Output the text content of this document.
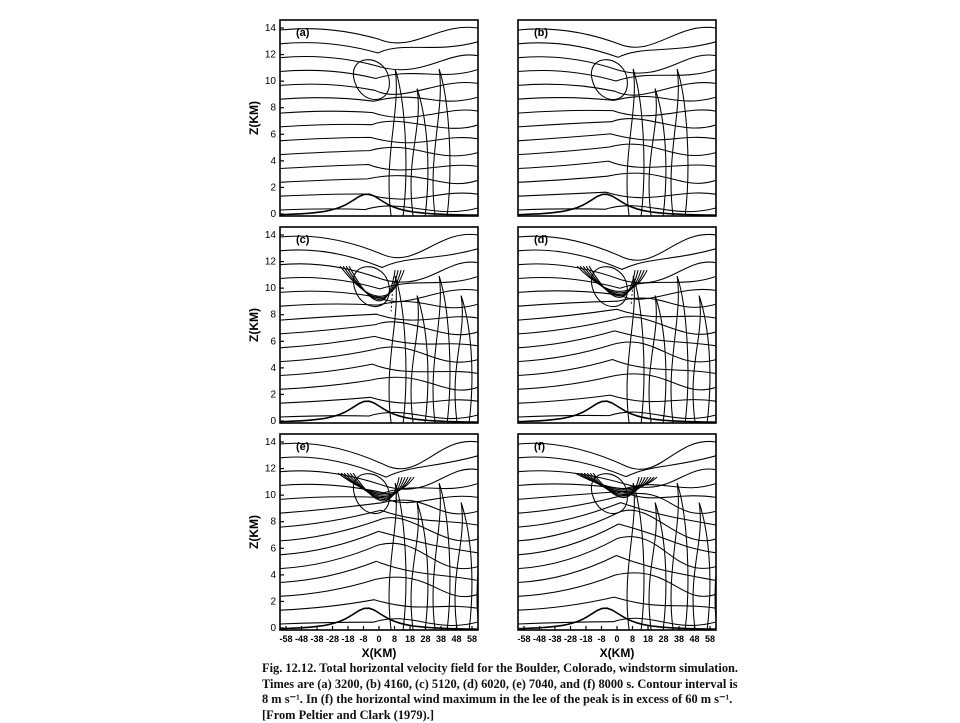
(a)
0
2
4
6
8
10
12
14
Z(KM)
(b)
(c)
0
2
4
6
8
10
12
14
Z(KM)
(d)
(e)
0
2
4
6
8
10
12
14
Z(KM)
-58 -48 -38 -28 -18 -8 0 8 18 28 38 48 58
X(KM)
(f)
-58 -48 -38 -28 -18 -8 0 8 18 28 38 48 58
X(KM)
Fig. 12.12. Total horizontal velocity field for the Boulder, Colorado, windstorm simulation.
Times are (a) 3200, (b) 4160, (c) 5120, (d) 6020, (e) 7040, and (f) 8000 s. Contour interval is
8 m s⁻¹. In (f) the horizontal wind maximum in the lee of the peak is in excess of 60 m s⁻¹.
[From Peltier and Clark (1979).]
